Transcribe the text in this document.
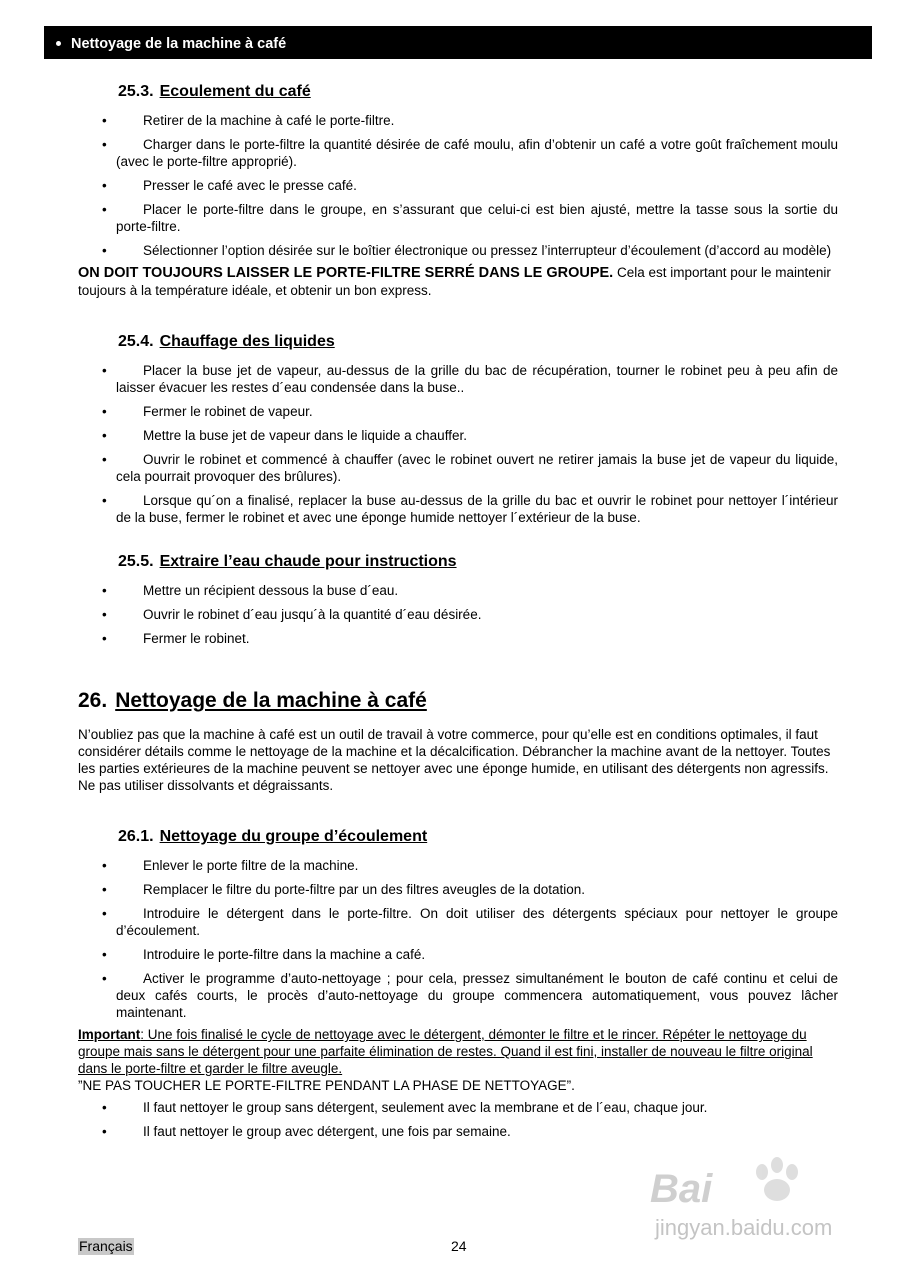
Nettoyage de la machine à café
25.3. Ecoulement du café
• Retirer de la machine à café le porte-filtre.
• Charger dans le porte-filtre la quantité désirée de café moulu, afin d’obtenir un café a votre goût fraîchement moulu (avec le porte-filtre approprié).
• Presser le café avec le presse café.
• Placer le porte-filtre dans le groupe, en s’assurant que celui-ci est bien ajusté, mettre la tasse sous la sortie du porte-filtre.
• Sélectionner l’option désirée sur le boîtier électronique ou pressez l’interrupteur d’écoulement (d’accord au modèle)

ON DOIT TOUJOURS LAISSER LE PORTE-FILTRE SERRÉ DANS LE GROUPE. Cela est important pour le maintenir toujours à la température idéale, et obtenir un bon express.

25.4. Chauffage des liquides
• Placer la buse jet de vapeur, au-dessus de la grille du bac de récupération, tourner le robinet peu à peu afin de laisser évacuer les restes d´eau condensée dans la buse..
• Fermer le robinet de vapeur.
• Mettre la buse jet de vapeur dans le liquide a chauffer.
• Ouvrir le robinet et commencé à chauffer (avec le robinet ouvert ne retirer jamais la buse jet de vapeur du liquide, cela pourrait provoquer des brûlures).
• Lorsque qu´on a finalisé, replacer la buse au-dessus de la grille du bac et ouvrir le robinet pour nettoyer l´intérieur de la buse, fermer le robinet et avec une éponge humide nettoyer l´extérieur de la buse.
25.5. Extraire l’eau chaude pour instructions
• Mettre un récipient dessous la buse d´eau.
• Ouvrir le robinet d´eau jusqu´à la quantité d´eau désirée.
• Fermer le robinet.
26. Nettoyage de la machine à café

N’oubliez pas que la machine à café est un outil de travail à votre commerce, pour qu’elle est en conditions optimales, il faut considérer détails comme le nettoyage de la machine et la décalcification. Débrancher la machine avant de la nettoyer. Toutes les parties extérieures de la machine peuvent se nettoyer avec une éponge humide, en utilisant des détergents non agressifs.

Ne pas utiliser dissolvants et dégraissants.

26.1. Nettoyage du groupe d’écoulement
• Enlever le porte filtre de la machine.
• Remplacer le filtre du porte-filtre par un des filtres aveugles de la dotation.
• Introduire le détergent dans le porte-filtre. On doit utiliser des détergents spéciaux pour nettoyer le groupe d’écoulement.
• Introduire le porte-filtre dans la machine a café.
• Activer le programme d’auto-nettoyage ; pour cela, pressez simultanément le bouton de café continu et celui de deux cafés courts, le procès d’auto-nettoyage du groupe commencera automatiquement, vous pouvez lâcher maintenant.

Important: Une fois finalisé le cycle de nettoyage avec le détergent, démonter le filtre et le rincer. Répéter le nettoyage du groupe mais sans le détergent pour une parfaite élimination de restes. Quand il est fini, installer de nouveau le filtre original dans le porte-filtre et garder le filtre aveugle.

”NE PAS TOUCHER LE PORTE-FILTRE PENDANT LA PHASE DE NETTOYAGE”.

• Il faut nettoyer le group sans détergent, seulement avec la membrane et de l´eau, chaque jour.
• Il faut nettoyer le group avec détergent, une fois par semaine.
Bai
jingyan.baidu.com
Français	24
